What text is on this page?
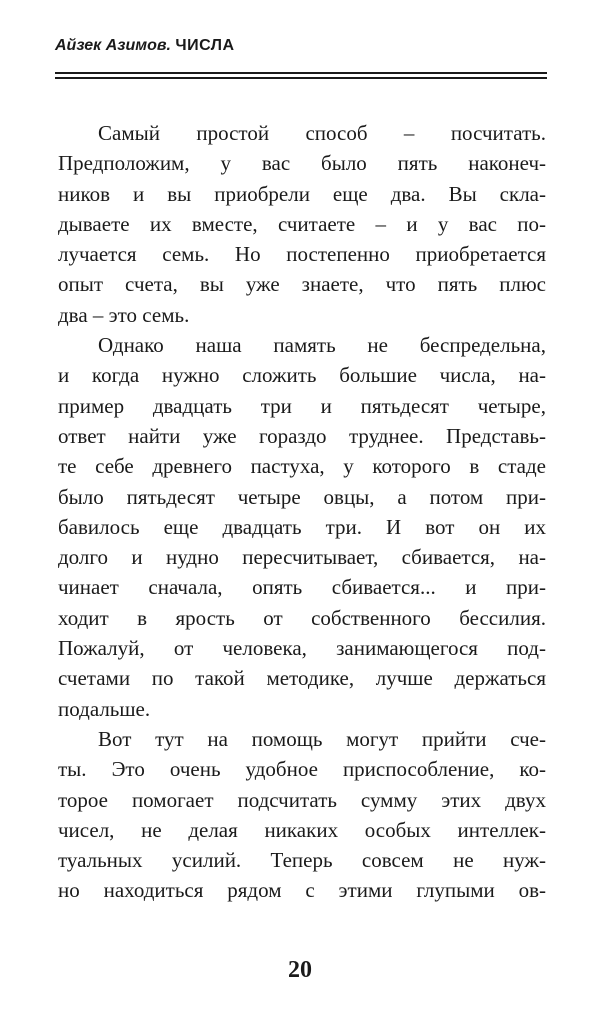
Айзек Азимов. ЧИСЛА
Самый простой способ – посчитать.
Предположим, у вас было пять наконеч-
ников и вы приобрели еще два. Вы скла-
дываете их вместе, считаете – и у вас по-
лучается семь. Но постепенно приобретается
опыт счета, вы уже знаете, что пять плюс
два – это семь.
Однако наша память не беспредельна,
и когда нужно сложить большие числа, на-
пример двадцать три и пятьдесят четыре,
ответ найти уже гораздо труднее. Представь-
те себе древнего пастуха, у которого в стаде
было пятьдесят четыре овцы, а потом при-
бавилось еще двадцать три. И вот он их
долго и нудно пересчитывает, сбивается, на-
чинает сначала, опять сбивается... и при-
ходит в ярость от собственного бессилия.
Пожалуй, от человека, занимающегося под-
счетами по такой методике, лучше держаться
подальше.
Вот тут на помощь могут прийти сче-
ты. Это очень удобное приспособление, ко-
торое помогает подсчитать сумму этих двух
чисел, не делая никаких особых интеллек-
туальных усилий. Теперь совсем не нуж-
но находиться рядом с этими глупыми ов-
20
